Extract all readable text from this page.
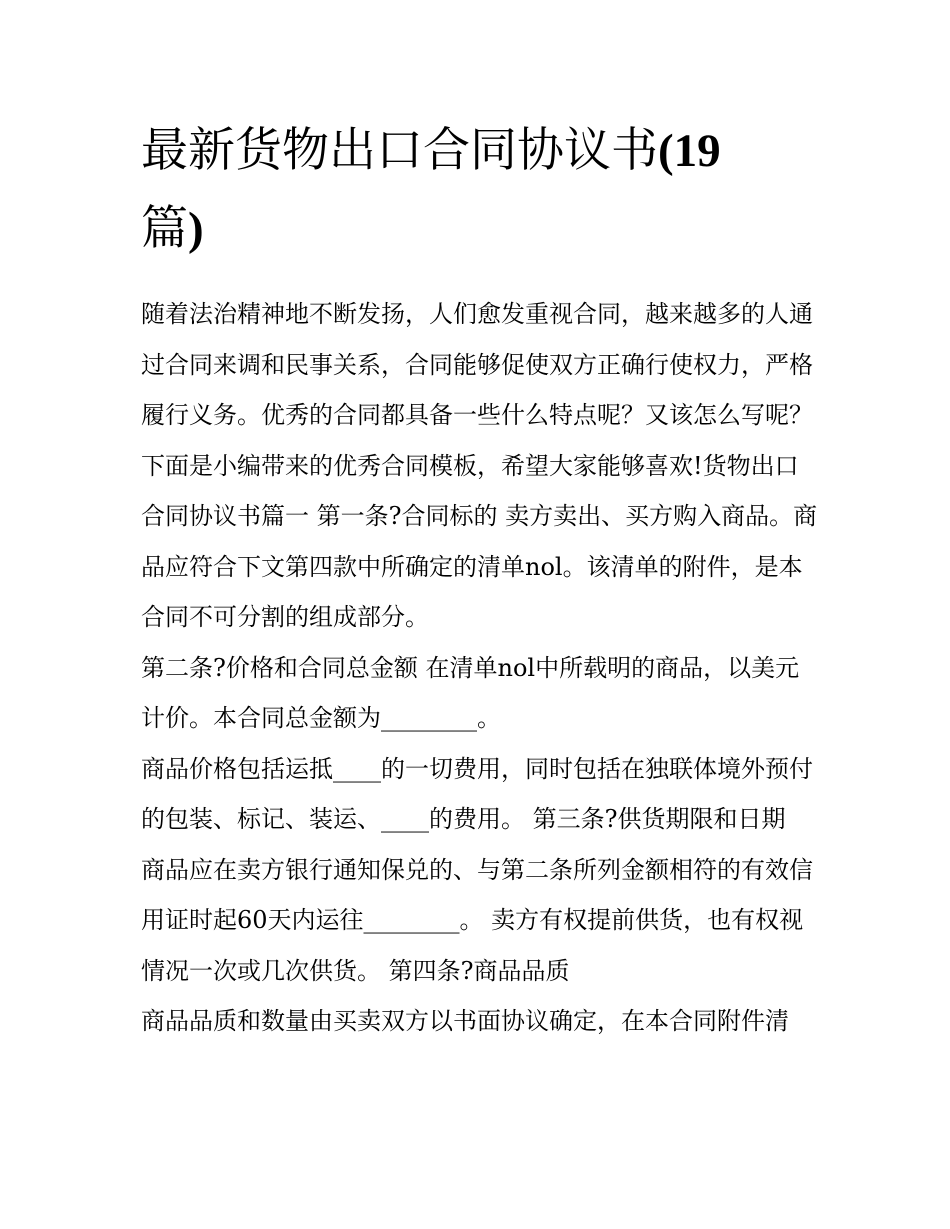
最新货物出口合同协议书(19
篇)

随着法治精神地不断发扬，人们愈发重视合同，越来越多的人通过合同来调和民事关系，合同能够促使双方正确行使权力，严格履行义务。优秀的合同都具备一些什么特点呢？又该怎么写呢？下面是小编带来的优秀合同模板，希望大家能够喜欢!货物出口合同协议书篇一 第一条?合同标的 卖方卖出、买方购入商品。商品应符合下文第四款中所确定的清单nol。该清单的附件，是本合同不可分割的组成部分。

第二条?价格和合同总金额 在清单nol中所载明的商品，以美元计价。本合同总金额为________。

商品价格包括运抵____的一切费用，同时包括在独联体境外预付的包装、标记、装运、____的费用。 第三条?供货期限和日期

商品应在卖方银行通知保兑的、与第二条所列金额相符的有效信用证时起60天内运往________。 卖方有权提前供货，也有权视情况一次或几次供货。 第四条?商品品质

商品品质和数量由买卖双方以书面协议确定，在本合同附件清
